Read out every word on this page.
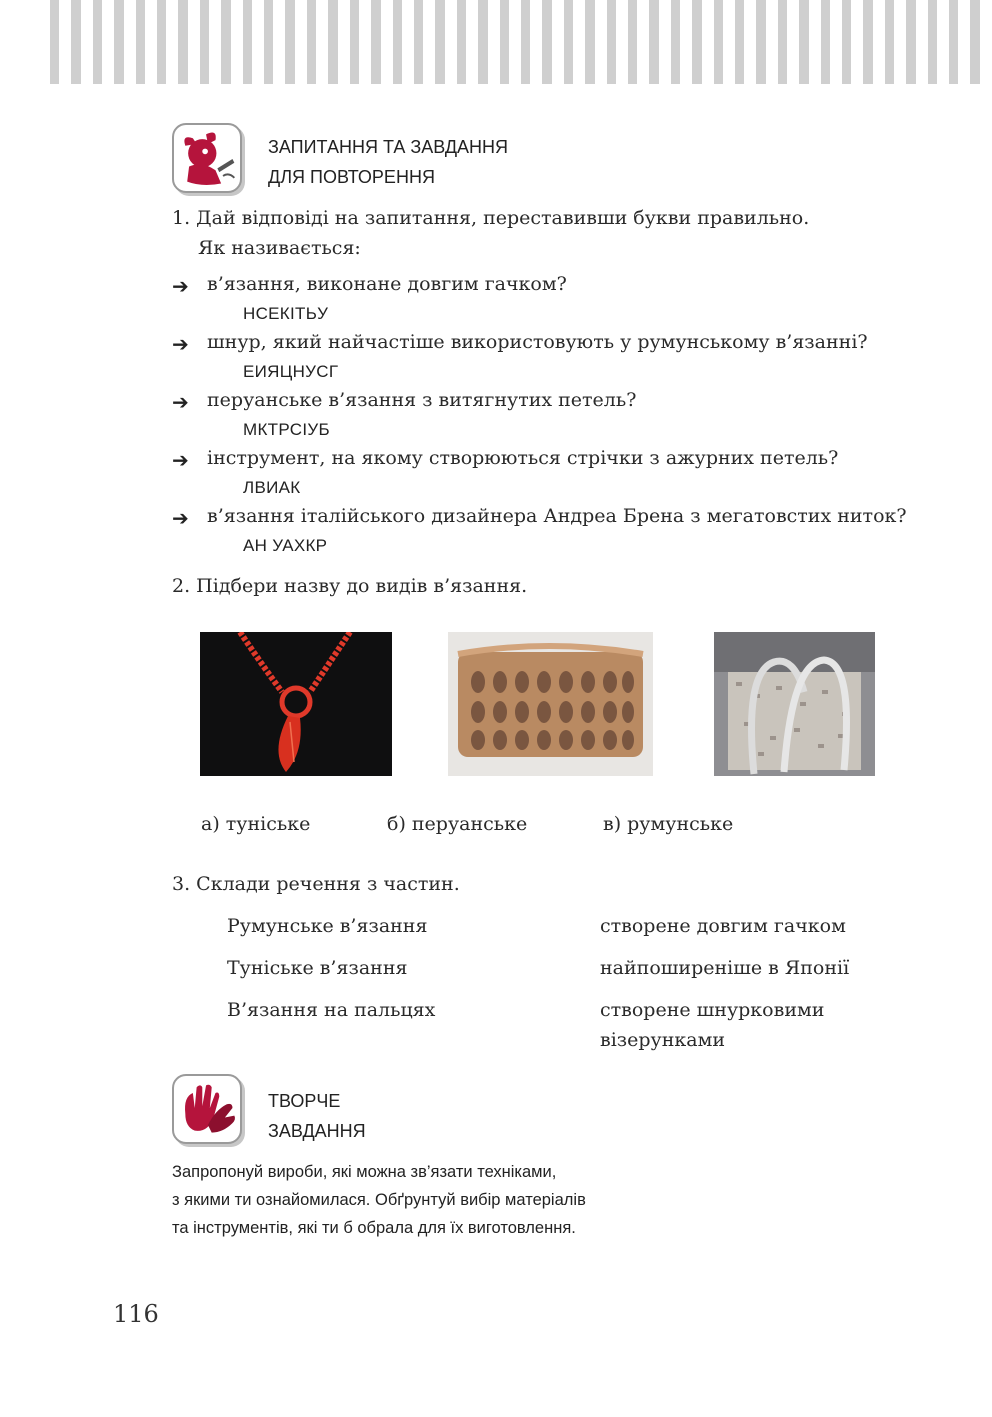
ЗАПИТАННЯ ТА ЗАВДАННЯ
ДЛЯ ПОВТОРЕННЯ
1. Дай відповіді на запитання, переставивши букви правильно.
Як називається:
➔ в’язання, виконане довгим гачком?
НСЕКІТЬУ
➔ шнур, який найчастіше використовують у румунському в’язанні?
ЕИЯЦНУСГ
➔ перуанське в’язання з витягнутих петель?
МКТРСІУБ
➔ інструмент, на якому створюються стрічки з ажурних петель?
ЛВИАК
➔ в’язання італійського дизайнера Андреа Брена з мегатовстих ниток?
АН УАХКР
2. Підбери назву до видів в’язання.
а) туніське	б) перуанське	в) румунське
3. Склади речення з частин.
Румунське в’язання
Туніське в’язання
В’язання на пальцях
створене довгим гачком
найпоширеніше в Японії
створене шнурковими
візерунками
ТВОРЧЕ
ЗАВДАННЯ
Запропонуй вироби, які можна зв’язати техніками,
з якими ти ознайомилася. Обґрунтуй вибір матеріалів
та інструментів, які ти б обрала для їх виготовлення.
116
